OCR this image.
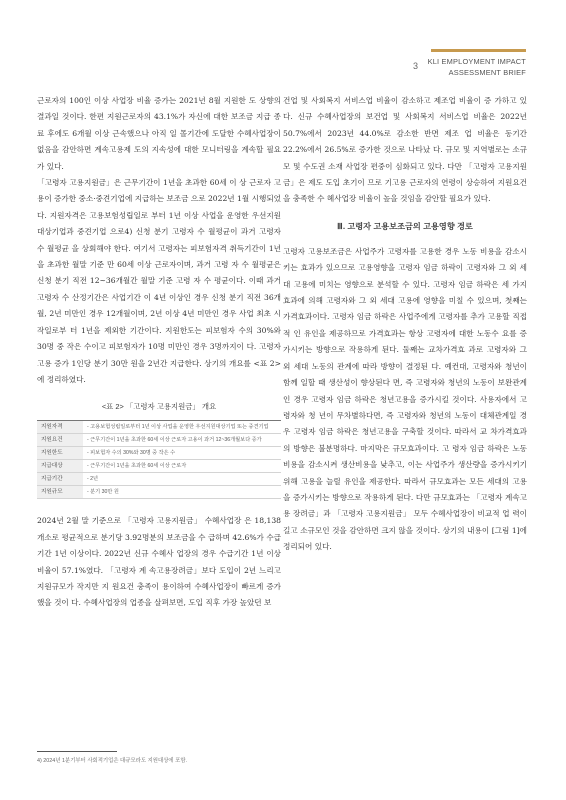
3 KLI EMPLOYMENT IMPACT
ASSESSMENT BRIEF

근로자의 100인 이상 사업장 비율 증가는 2021년 8월 지원한 도 상향의 결과일 것이다. 한편 지원근로자의 43.1%가 자신에 대한 보조금 지급 종료 후에도 6개월 이상 근속했으나 아직 일 몰기간에 도달한 수혜사업장이 없음을 감안하면 계속고용제 도의 지속성에 대한 모니터링을 계속할 필요가 있다.

「고령자 고용지원금」은 근무기간이 1년을 초과한 60세 이 상 근로자 고용이 증가한 중소·중견기업에 지급하는 보조금 으로 2022년 1월 시행되었다. 지원자격은 고용보험성립일로 부터 1년 이상 사업을 운영한 우선지원대상기업과 중견기업 으로4) 신청 분기 고령자 수 월평균이 과거 고령자 수 월평균 을 상회해야 한다. 여기서 고령자는 피보험자격 취득기간이 1년을 초과한 월말 기준 만 60세 이상 근로자이며, 과거 고령 자 수 월평균은 신청 분기 직전 12~36개월간 월말 기준 고령 자 수 평균이다. 이때 과거 고령자 수 산정기간은 사업기간 이 4년 이상인 경우 신청 분기 직전 36개월, 2년 미만인 경우 12개월이며, 2년 이상 4년 미만인 경우 사업 최초 시작일로부 터 1년을 제외한 기간이다. 지원한도는 피보험자 수의 30%와 30명 중 작은 수이고 피보험자가 10명 미만인 경우 3명까지이 다. 고령자 고용 증가 1인당 분기 30만 원을 2년간 지급한다. 상기의 개요를 <표 2>에 정리하였다.

<표 2> 「고령자 고용지원금」 개요
지원자격	- 고용보험성립일로부터 1년 이상 사업을 운영한 우선지원대상기업 또는 중견기업
지원요건	- 근무기간이 1년을 초과한 60세 이상 근로자 고용이 과거 12~36개월보다 증가
지원한도	- 피보험자 수의 30%와 30명 중 작은 수
지급대상	- 근무기간이 1년을 초과한 60세 이상 근로자
지급기간	- 2년
지원규모	- 분기 30만 원

2024년 2월 말 기준으로 「고령자 고용지원금」 수혜사업장 은 18,138개소로 평균적으로 분기당 3.92명분의 보조금을 수 급하며 42.6%가 수급기간 1년 이상이다. 2022년 신규 수혜사 업장의 경우 수급기간 1년 이상 비율이 57.1%였다. 「고령자 계 속고용장려금」보다 도입이 2년 느리고 지원규모가 작지만 지 원요건 충족이 용이하여 수혜사업장이 빠르게 증가했을 것이 다. 수혜사업장의 업종을 살펴보면, 도입 직후 가장 높았던 보

건업 및 사회복지 서비스업 비율이 감소하고 제조업 비율이 증 가하고 있다. 신규 수혜사업장의 보건업 및 사회복지 서비스업 비율은 2022년 50.7%에서 2023년 44.0%로 감소한 반면 제조 업 비율은 동기간 22.2%에서 26.5%로 증가한 것으로 나타났 다. 규모 및 지역별로는 소규모 및 수도권 소재 사업장 편중이 심화되고 있다. 다만 「고령자 고용지원금」은 제도 도입 초기이 므로 기고용 근로자의 연령이 상승하여 지원요건을 충족한 수 혜사업장 비율이 높을 것임을 감안할 필요가 있다.

Ⅲ. 고령자 고용보조금의 고용영향 경로

고령자 고용보조금은 사업주가 고령자를 고용한 경우 노동 비용을 감소시키는 효과가 있으므로 고용영향을 고령자 임금 하락이 고령자와 그 외 세대 고용에 미치는 영향으로 분석할 수 있다. 고령자 임금 하락은 세 가지 효과에 의해 고령자와 그 외 세대 고용에 영향을 미칠 수 있으며, 첫째는 가격효과이다. 고령자 임금 하락은 사업주에게 고령자를 추가 고용할 직접적 인 유인을 제공하므로 가격효과는 항상 고령자에 대한 노동수 요를 증가시키는 방향으로 작용하게 된다. 둘째는 교차가격효 과로 고령자와 그 외 세대 노동의 관계에 따라 방향이 결정된 다. 예컨대, 고령자와 청년이 함께 일할 때 생산성이 향상된다 면, 즉 고령자와 청년의 노동이 보완관계인 경우 고령자 임금 하락은 청년고용을 증가시킬 것이다. 사용자에서 고령자와 청 년이 무차별하다면, 즉 고령자와 청년의 노동이 대체관계일 경 우 고령자 임금 하락은 청년고용을 구축할 것이다. 따라서 교 차가격효과의 방향은 불분명하다. 마지막은 규모효과이다. 고 령자 임금 하락은 노동비용을 감소시켜 생산비용을 낮추고, 이는 사업주가 생산량을 증가시키기 위해 고용을 늘릴 유인을 제공한다. 따라서 규모효과는 모든 세대의 고용을 증가시키는 방향으로 작용하게 된다. 다만 규모효과는 「고령자 계속고용 장려금」과 「고령자 고용지원금」 모두 수혜사업장이 비교적 업 력이 길고 소규모인 것을 감안하면 크지 않을 것이다. 상기의 내용이 [그림 1]에 정리되어 있다.

4) 2024년 1분기부터 사회적기업은 대규모라도 지원대상에 포함.
